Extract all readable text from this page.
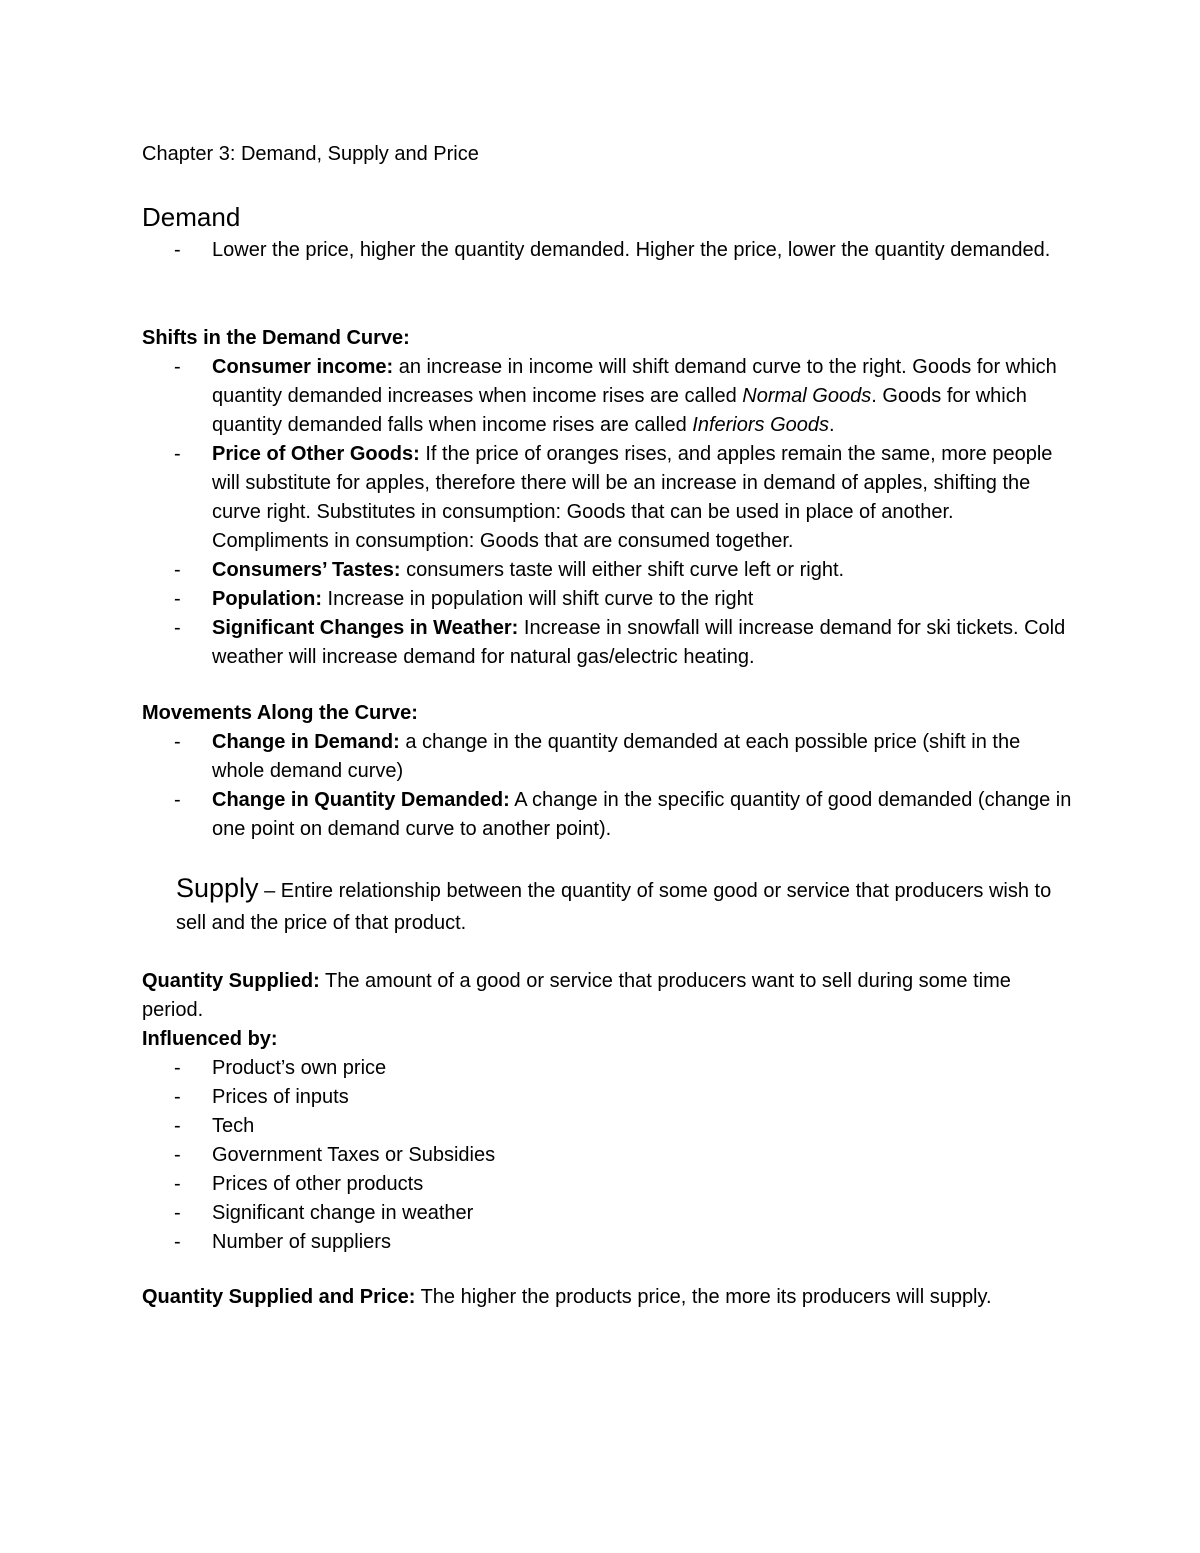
Chapter 3: Demand, Supply and Price

Demand
- Lower the price, higher the quantity demanded. Higher the price, lower the quantity demanded.

Shifts in the Demand Curve:

- Consumer income: an increase in income will shift demand curve to the right. Goods for which quantity demanded increases when income rises are called Normal Goods. Goods for which quantity demanded falls when income rises are called Inferiors Goods.
- Price of Other Goods: If the price of oranges rises, and apples remain the same, more people will substitute for apples, therefore there will be an increase in demand of apples, shifting the curve right. Substitutes in consumption: Goods that can be used in place of another. Compliments in consumption: Goods that are consumed together.
- Consumers’ Tastes: consumers taste will either shift curve left or right.
- Population: Increase in population will shift curve to the right
- Significant Changes in Weather: Increase in snowfall will increase demand for ski tickets. Cold weather will increase demand for natural gas/electric heating.

Movements Along the Curve:

- Change in Demand: a change in the quantity demanded at each possible price (shift in the whole demand curve)
- Change in Quantity Demanded: A change in the specific quantity of good demanded (change in one point on demand curve to another point).
Supply – Entire relationship between the quantity of some good or service that producers wish to sell and the price of that product.

Quantity Supplied: The amount of a good or service that producers want to sell during some time period.

Influenced by:

- Product’s own price
- Prices of inputs
- Tech
- Government Taxes or Subsidies
- Prices of other products
- Significant change in weather
- Number of suppliers

Quantity Supplied and Price: The higher the products price, the more its producers will supply.
